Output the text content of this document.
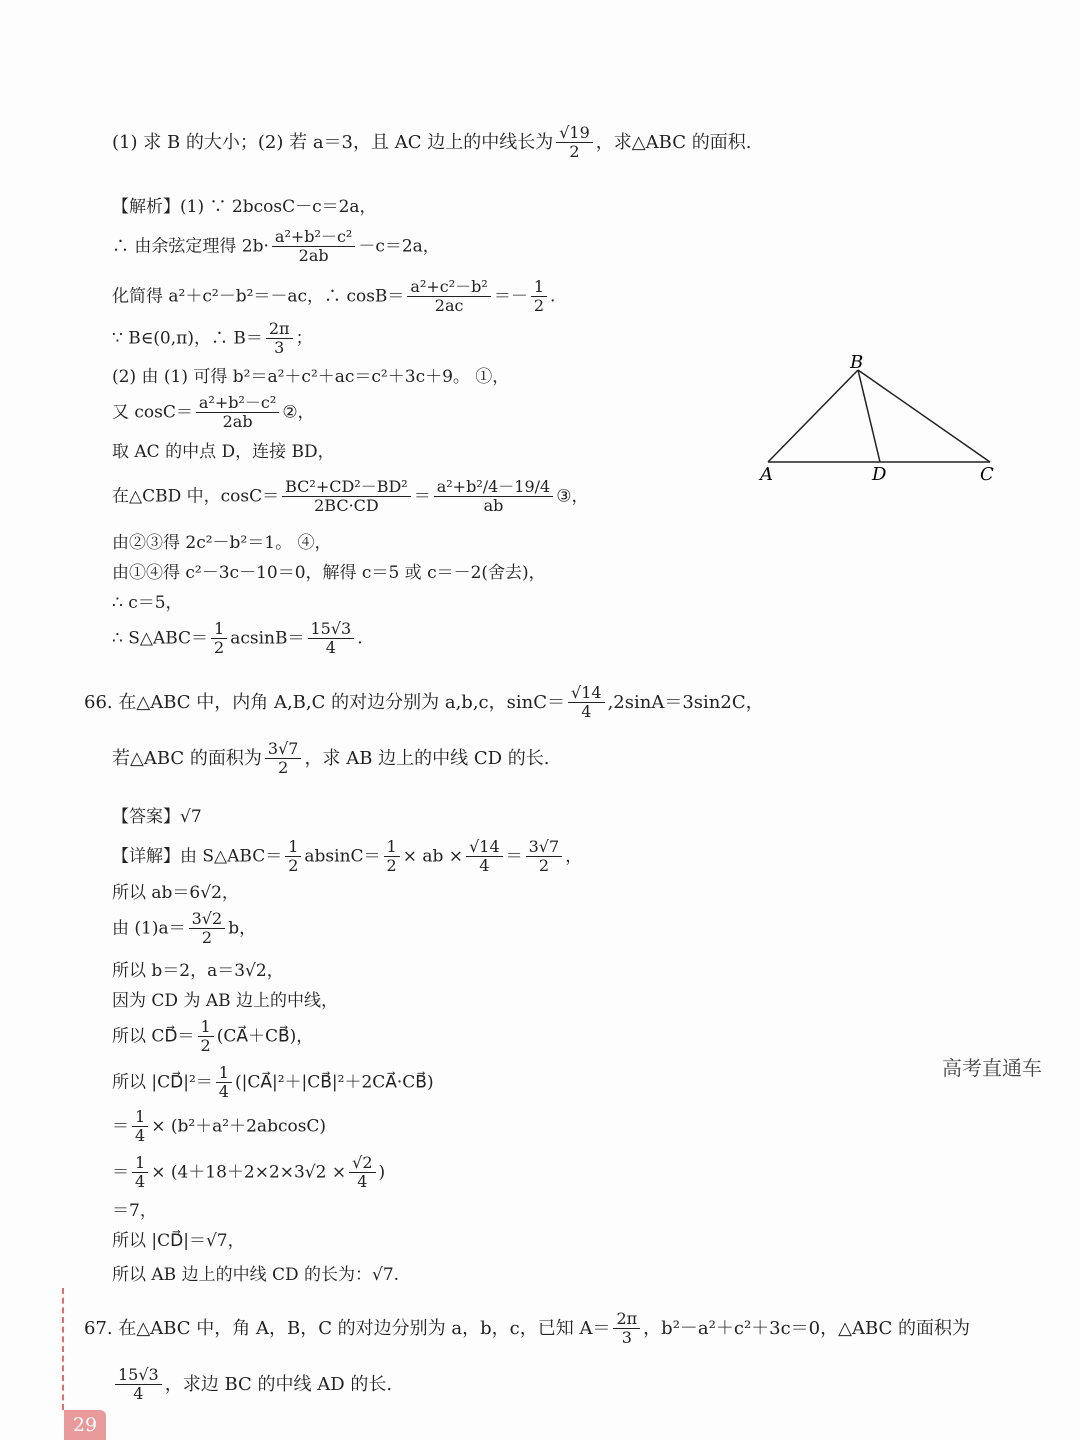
(1) 求 B 的大小；(2) 若 a＝3，且 AC 边上的中线长为 $\frac{√19}{2}$ ，求△ABC 的面积.
【解析】(1) ∵ 2bcosC－c＝2a，
∴ 由余弦定理得 $2b\cdot \frac{\text{a²+b²－c²}}{2ab} -c=2a$，
化简得 a²＋c²－b²＝－ac，∴ $\cos B= \frac{\text{a²+c²－b²}}{2ac} =- \frac{1}{2}$ .
∵ B∈(0,π)，∴ $B= \frac{2\pi}{3}$ ；
(2) 由 (1) 可得 b²＝a²＋c²＋ac＝c²＋3c＋9。 ①，
又 $\cos C= \frac{\text{a²+b²－c²}}{2ab}$ ②，
取 AC 的中点 D，连接 BD，
在△CBD 中，$\cos C= \frac{\text{BC²+CD²－BD²}}{2BC\cdot CD} = \frac{\text{a²+b²/4－19/4}}{ab}$ ③，
由②③得 2c²－b²＝1。 ④，
由①④得 c²－3c－10＝0，解得 c＝5 或 c＝－2(舍去)，
∴ c＝5，
∴ S△ABC＝ $\frac{1}{2} acsinB= \frac{15√3}{4}$ .
B
A	D	C
66. 在△ABC 中，内角 A,B,C 的对边分别为 a,b,c，$\sin C= \frac{√14}{4} ,2\sin A=3\sin 2C$，
若△ABC 的面积为 $\frac{3√7}{2}$ ，求 AB 边上的中线 CD 的长.
【答案】√7
【详解】由 S△ABC＝ $\frac{1}{2} absinC= \frac{1}{2}$ × ab × $\frac{√14}{4} = \frac{3√7}{2}$ ，
所以 ab＝6√2，
由 $(1)a= \frac{3√2}{2}$ b，
所以 b＝2，a＝3√2，
因为 CD 为 AB 边上的中线，
所以 CD⃗＝ $\frac{1}{2}$ (CA⃗＋CB⃗)，
所以 |CD⃗|²＝ $\frac{1}{4}$ (|CA⃗|²＋|CB⃗|²＋2CA⃗·CB⃗)
＝ $\frac{1}{4} \times (b^2+a^2+2abcosC)$
＝ $\frac{1}{4} \times (4+18+2\times 2\times 3√2 \times \frac{√2}{4}$ )
＝7，
所以 |CD⃗|＝√7，
所以 AB 边上的中线 CD 的长为：√7.
67. 在△ABC 中，角 A，B，C 的对边分别为 a，b，c，已知 $A= \frac{2\pi}{3}$ ，b²－a²＋c²＋3c＝0，△ABC 的面积为
$\frac{15√3}{4}$ ，求边 BC 的中线 AD 的长.
29
高考直通车
